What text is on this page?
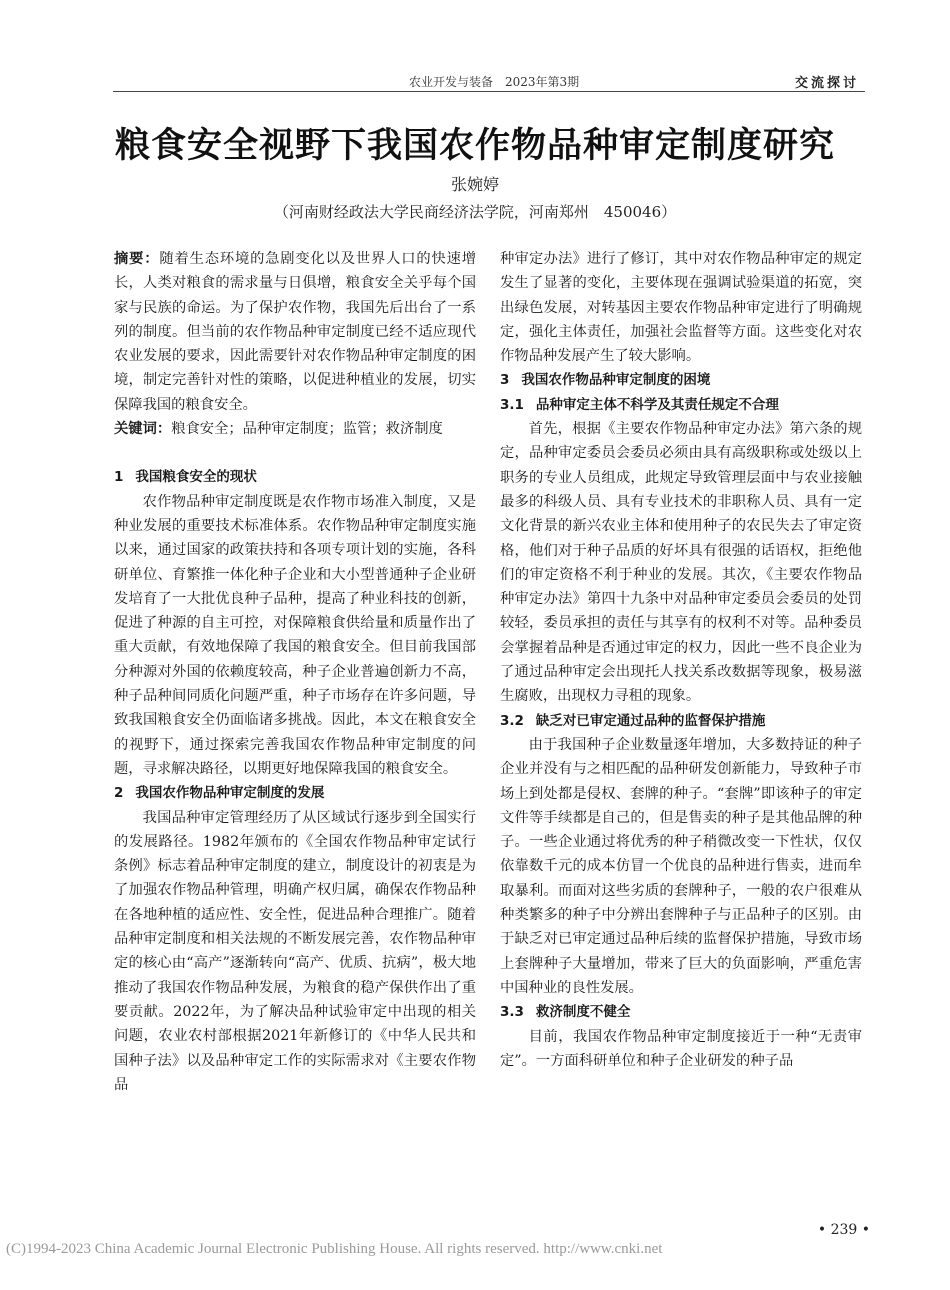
农业开发与装备　2023年第3期	交流探讨
粮食安全视野下我国农作物品种审定制度研究
张婉婷
（河南财经政法大学民商经济法学院，河南郑州　450046）

摘要：随着生态环境的急剧变化以及世界人口的快速增长，人类对粮食的需求量与日俱增，粮食安全关乎每个国家与民族的命运。为了保护农作物，我国先后出台了一系列的制度。但当前的农作物品种审定制度已经不适应现代农业发展的要求，因此需要针对农作物品种审定制度的困境，制定完善针对性的策略，以促进种植业的发展，切实保障我国的粮食安全。

关键词：粮食安全；品种审定制度；监管；救济制度

1 我国粮食安全的现状

农作物品种审定制度既是农作物市场准入制度，又是种业发展的重要技术标准体系。农作物品种审定制度实施以来，通过国家的政策扶持和各项专项计划的实施，各科研单位、育繁推一体化种子企业和大小型普通种子企业研发培育了一大批优良种子品种，提高了种业科技的创新，促进了种源的自主可控，对保障粮食供给量和质量作出了重大贡献，有效地保障了我国的粮食安全。但目前我国部分种源对外国的依赖度较高，种子企业普遍创新力不高，种子品种间同质化问题严重，种子市场存在许多问题，导致我国粮食安全仍面临诸多挑战。因此，本文在粮食安全的视野下，通过探索完善我国农作物品种审定制度的问题，寻求解决路径，以期更好地保障我国的粮食安全。

2 我国农作物品种审定制度的发展

我国品种审定管理经历了从区域试行逐步到全国实行的发展路径。1982年颁布的《全国农作物品种审定试行条例》标志着品种审定制度的建立，制度设计的初衷是为了加强农作物品种管理，明确产权归属，确保农作物品种在各地种植的适应性、安全性，促进品种合理推广。随着品种审定制度和相关法规的不断发展完善，农作物品种审定的核心由“高产”逐渐转向“高产、优质、抗病”，极大地推动了我国农作物品种发展，为粮食的稳产保供作出了重要贡献。2022年，为了解决品种试验审定中出现的相关问题，农业农村部根据2021年新修订的《中华人民共和国种子法》以及品种审定工作的实际需求对《主要农作物品

种审定办法》进行了修订，其中对农作物品种审定的规定发生了显著的变化，主要体现在强调试验渠道的拓宽，突出绿色发展，对转基因主要农作物品种审定进行了明确规定，强化主体责任，加强社会监督等方面。这些变化对农作物品种发展产生了较大影响。

3 我国农作物品种审定制度的困境

3.1 品种审定主体不科学及其责任规定不合理

首先，根据《主要农作物品种审定办法》第六条的规定，品种审定委员会委员必须由具有高级职称或处级以上职务的专业人员组成，此规定导致管理层面中与农业接触最多的科级人员、具有专业技术的非职称人员、具有一定文化背景的新兴农业主体和使用种子的农民失去了审定资格，他们对于种子品质的好坏具有很强的话语权，拒绝他们的审定资格不利于种业的发展。其次，《主要农作物品种审定办法》第四十九条中对品种审定委员会委员的处罚较轻，委员承担的责任与其享有的权利不对等。品种委员会掌握着品种是否通过审定的权力，因此一些不良企业为了通过品种审定会出现托人找关系改数据等现象，极易滋生腐败，出现权力寻租的现象。

3.2 缺乏对已审定通过品种的监督保护措施

由于我国种子企业数量逐年增加，大多数持证的种子企业并没有与之相匹配的品种研发创新能力，导致种子市场上到处都是侵权、套牌的种子。“套牌”即该种子的审定文件等手续都是自己的，但是售卖的种子是其他品牌的种子。一些企业通过将优秀的种子稍微改变一下性状，仅仅依靠数千元的成本仿冒一个优良的品种进行售卖，进而牟取暴利。而面对这些劣质的套牌种子，一般的农户很难从种类繁多的种子中分辨出套牌种子与正品种子的区别。由于缺乏对已审定通过品种后续的监督保护措施，导致市场上套牌种子大量增加，带来了巨大的负面影响，严重危害中国种业的良性发展。

3.3 救济制度不健全

目前，我国农作物品种审定制度接近于一种“无责审定”。一方面科研单位和种子企业研发的种子品

• 239 •
(C)1994-2023 China Academic Journal Electronic Publishing House. All rights reserved. http://www.cnki.net
